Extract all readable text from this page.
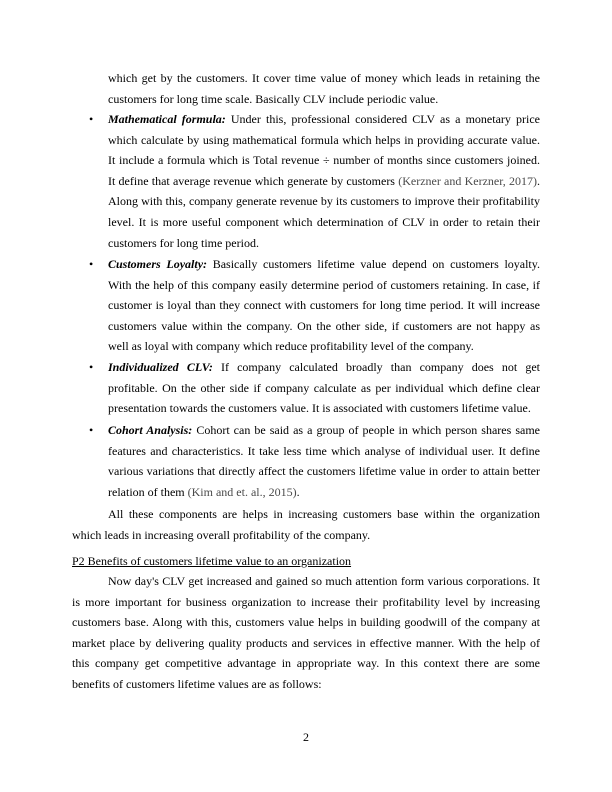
which get by the customers. It cover time value of money which leads in retaining the customers for long time scale. Basically CLV include periodic value.
• Mathematical formula: Under this, professional considered CLV as a monetary price which calculate by using mathematical formula which helps in providing accurate value. It include a formula which is Total revenue ÷ number of months since customers joined. It define that average revenue which generate by customers (Kerzner and Kerzner, 2017). Along with this, company generate revenue by its customers to improve their profitability level. It is more useful component which determination of CLV in order to retain their customers for long time period.
• Customers Loyalty: Basically customers lifetime value depend on customers loyalty. With the help of this company easily determine period of customers retaining. In case, if customer is loyal than they connect with customers for long time period. It will increase customers value within the company. On the other side, if customers are not happy as well as loyal with company which reduce profitability level of the company.
• Individualized CLV: If company calculated broadly than company does not get profitable. On the other side if company calculate as per individual which define clear presentation towards the customers value. It is associated with customers lifetime value.
• Cohort Analysis: Cohort can be said as a group of people in which person shares same features and characteristics. It take less time which analyse of individual user. It define various variations that directly affect the customers lifetime value in order to attain better relation of them (Kim and et. al., 2015).
All these components are helps in increasing customers base within the organization which leads in increasing overall profitability of the company.
P2 Benefits of customers lifetime value to an organization
Now day's CLV get increased and gained so much attention form various corporations. It is more important for business organization to increase their profitability level by increasing customers base. Along with this, customers value helps in building goodwill of the company at market place by delivering quality products and services in effective manner. With the help of this company get competitive advantage in appropriate way. In this context there are some benefits of customers lifetime values are as follows:
2
